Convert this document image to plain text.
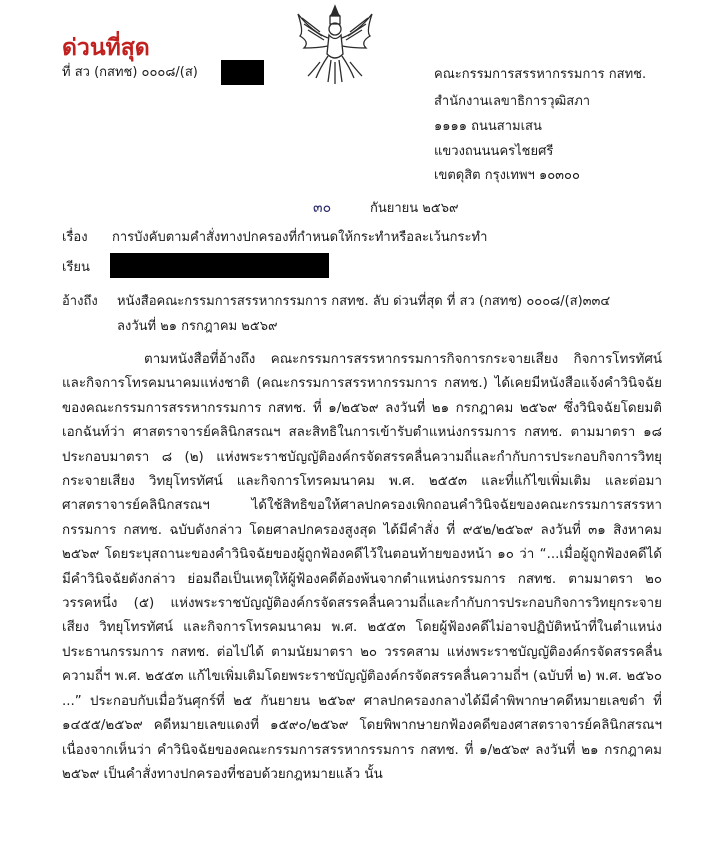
ด่วนที่สุด
ที่ สว (กสทช) ๐๐๐๘/(ส)	คณะกรรมการสรรหากรรมการ กสทช.
สำนักงานเลขาธิการวุฒิสภา
๑๑๑๑ ถนนสามเสน
แขวงถนนนครไชยศรี
เขตดุสิต กรุงเทพฯ ๑๐๓๐๐
๓๐	กันยายน ๒๕๖๙
เรื่อง การบังคับตามคำสั่งทางปกครองที่กำหนดให้กระทำหรือละเว้นกระทำ
เรียน
อ้างถึง หนังสือคณะกรรมการสรรหากรรมการ กสทช. ลับ ด่วนที่สุด ที่ สว (กสทช) ๐๐๐๘/(ส)๓๓๔
ลงวันที่ ๒๑ กรกฎาคม ๒๕๖๙
ตามหนังสือที่อ้างถึง คณะกรรมการสรรหากรรมการกิจการกระจายเสียง กิจการโทรทัศน์ และกิจการโทรคมนาคมแห่งชาติ (คณะกรรมการสรรหากรรมการ กสทช.) ได้เคยมีหนังสือแจ้งคำวินิจฉัยของคณะกรรมการสรรหากรรมการ กสทช. ที่ ๑/๒๕๖๙ ลงวันที่ ๒๑ กรกฎาคม ๒๕๖๙ ซึ่งวินิจฉัยโดยมติเอกฉันท์ว่า ศาสตราจารย์คลินิกสรณฯ สละสิทธิในการเข้ารับตำแหน่งกรรมการ กสทช. ตามมาตรา ๑๘ ประกอบมาตรา ๘ (๒) แห่งพระราชบัญญัติองค์กรจัดสรรคลื่นความถี่และกำกับการประกอบกิจการวิทยุกระจายเสียง วิทยุโทรทัศน์ และกิจการโทรคมนาคม พ.ศ. ๒๕๕๓ และที่แก้ไขเพิ่มเติม และต่อมา ศาสตราจารย์คลินิกสรณฯ ได้ใช้สิทธิขอให้ศาลปกครองเพิกถอนคำวินิจฉัยของคณะกรรมการสรรหากรรมการ กสทช. ฉบับดังกล่าว โดยศาลปกครองสูงสุด ได้มีคำสั่ง ที่ ๙๕๒/๒๕๖๙ ลงวันที่ ๓๑ สิงหาคม ๒๕๖๙ โดยระบุสถานะของคำวินิจฉัยของผู้ถูกฟ้องคดีไว้ในตอนท้ายของหน้า ๑๐ ว่า “...เมื่อผู้ถูกฟ้องคดีได้มีคำวินิจฉัยดังกล่าว ย่อมถือเป็นเหตุให้ผู้ฟ้องคดีต้องพ้นจากตำแหน่งกรรมการ กสทช. ตามมาตรา ๒๐ วรรคหนึ่ง (๕) แห่งพระราชบัญญัติองค์กรจัดสรรคลื่นความถี่และกำกับการประกอบกิจการวิทยุกระจายเสียง วิทยุโทรทัศน์ และกิจการโทรคมนาคม พ.ศ. ๒๕๕๓ โดยผู้ฟ้องคดีไม่อาจปฏิบัติหน้าที่ในตำแหน่งประธานกรรมการ กสทช. ต่อไปได้ ตามนัยมาตรา ๒๐ วรรคสาม แห่งพระราชบัญญัติองค์กรจัดสรรคลื่นความถี่ฯ พ.ศ. ๒๕๕๓ แก้ไขเพิ่มเติมโดยพระราชบัญญัติองค์กรจัดสรรคลื่นความถี่ฯ (ฉบับที่ ๒) พ.ศ. ๒๕๖๐ ...” ประกอบกับเมื่อวันศุกร์ที่ ๒๕ กันยายน ๒๕๖๙ ศาลปกครองกลางได้มีคำพิพากษาคดีหมายเลขดำ ที่ ๑๔๕๕/๒๕๖๙ คดีหมายเลขแดงที่ ๑๕๙๐/๒๕๖๙ โดยพิพากษายกฟ้องคดีของศาสตราจารย์คลินิกสรณฯ เนื่องจากเห็นว่า คำวินิจฉัยของคณะกรรมการสรรหากรรมการ กสทช. ที่ ๑/๒๕๖๙ ลงวันที่ ๒๑ กรกฎาคม ๒๕๖๙ เป็นคำสั่งทางปกครองที่ชอบด้วยกฎหมายแล้ว นั้น
